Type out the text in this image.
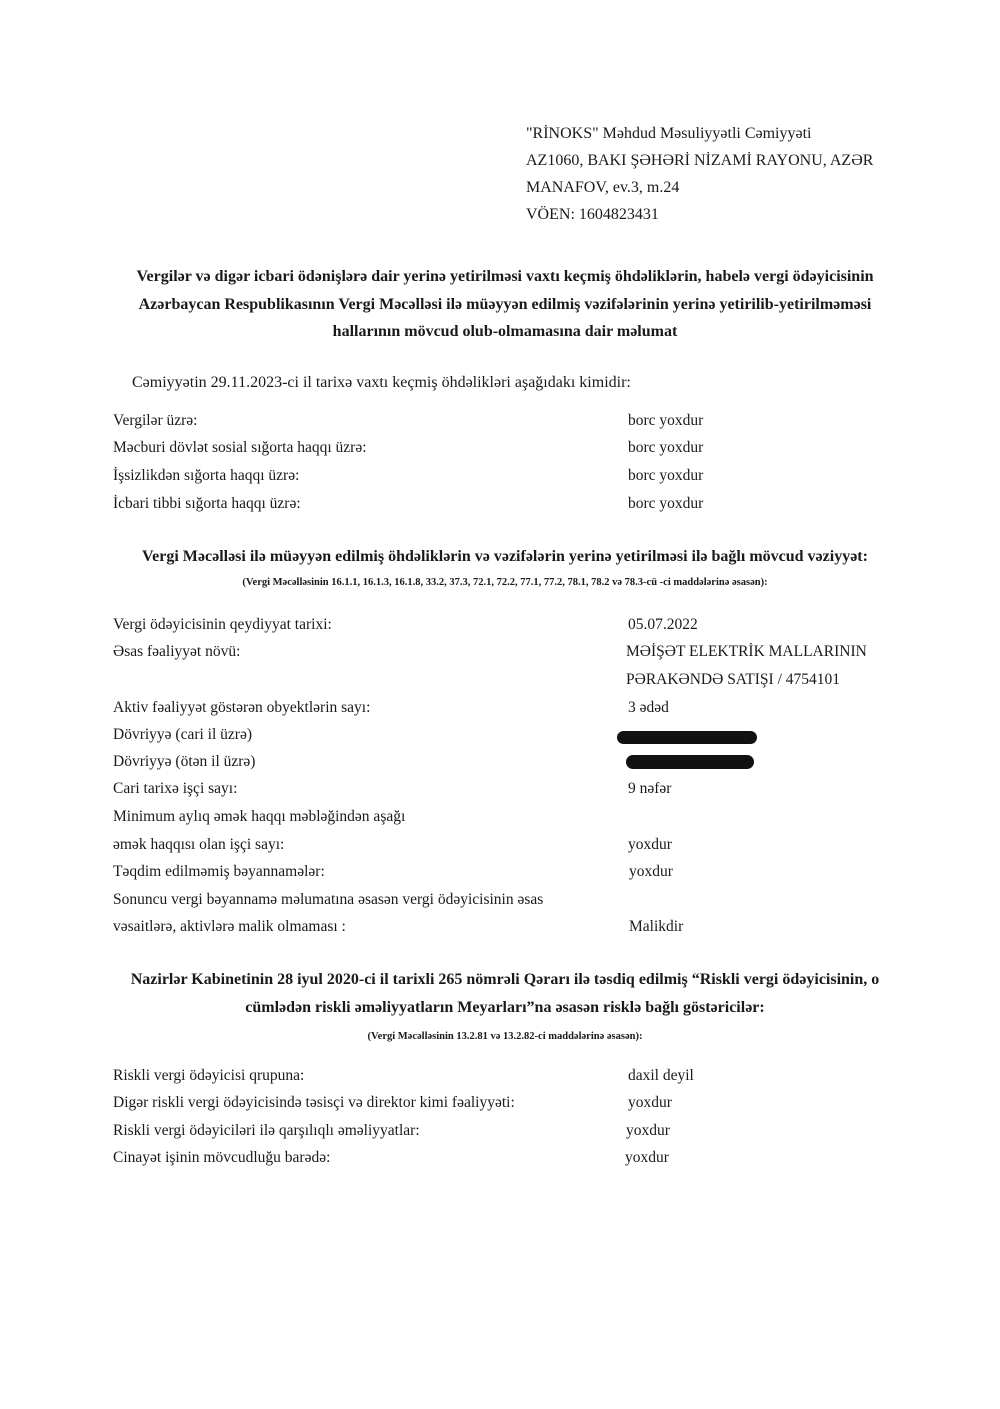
"RİNOKS" Məhdud Məsuliyyətli Cəmiyyəti
AZ1060, BAKI ŞƏHƏRİ NİZAMİ RAYONU, AZƏR
MANAFOV, ev.3, m.24
VÖEN: 1604823431
Vergilər və digər icbari ödənişlərə dair yerinə yetirilməsi vaxtı keçmiş öhdəliklərin, habelə vergi ödəyicisinin
Azərbaycan Respublikasının Vergi Məcəlləsi ilə müəyyən edilmiş vəzifələrinin yerinə yetirilib-yetirilməməsi
hallarının mövcud olub-olmamasına dair məlumat
Cəmiyyətin 29.11.2023-ci il tarixə vaxtı keçmiş öhdəlikləri aşağıdakı kimidir:
Vergilər üzrə:	borc yoxdur
Məcburi dövlət sosial sığorta haqqı üzrə:	borc yoxdur
İşsizlikdən sığorta haqqı üzrə:	borc yoxdur
İcbari tibbi sığorta haqqı üzrə:	borc yoxdur
Vergi Məcəlləsi ilə müəyyən edilmiş öhdəliklərin və vəzifələrin yerinə yetirilməsi ilə bağlı mövcud vəziyyət:
(Vergi Məcəlləsinin 16.1.1, 16.1.3, 16.1.8, 33.2, 37.3, 72.1, 72.2, 77.1, 77.2, 78.1, 78.2 və 78.3-cü -ci maddələrinə əsasən):
Vergi ödəyicisinin qeydiyyat tarixi:	05.07.2022
Əsas fəaliyyət növü:	MƏİŞƏT ELEKTRİK MALLARININ
PƏRAKƏNDƏ SATIŞI / 4754101
Aktiv fəaliyyət göstərən obyektlərin sayı:	3 ədəd
Dövriyyə (cari il üzrə)
Dövriyyə (ötən il üzrə)
Cari tarixə işçi sayı:	9 nəfər
Minimum aylıq əmək haqqı məbləğindən aşağı
əmək haqqısı olan işçi sayı:	yoxdur
Təqdim edilməmiş bəyannamələr:	yoxdur
Sonuncu vergi bəyannamə məlumatına əsasən vergi ödəyicisinin əsas
vəsaitlərə, aktivlərə malik olmaması :	Malikdir
Nazirlər Kabinetinin 28 iyul 2020-ci il tarixli 265 nömrəli Qərarı ilə təsdiq edilmiş “Riskli vergi ödəyicisinin, o
cümlədən riskli əməliyyatların Meyarları”na əsasən risklə bağlı göstəricilər:
(Vergi Məcəlləsinin 13.2.81 və 13.2.82-ci maddələrinə əsasən):
Riskli vergi ödəyicisi qrupuna:	daxil deyil
Digər riskli vergi ödəyicisində təsisçi və direktor kimi fəaliyyəti:	yoxdur
Riskli vergi ödəyiciləri ilə qarşılıqlı əməliyyatlar:	yoxdur
Cinayət işinin mövcudluğu barədə:	yoxdur
